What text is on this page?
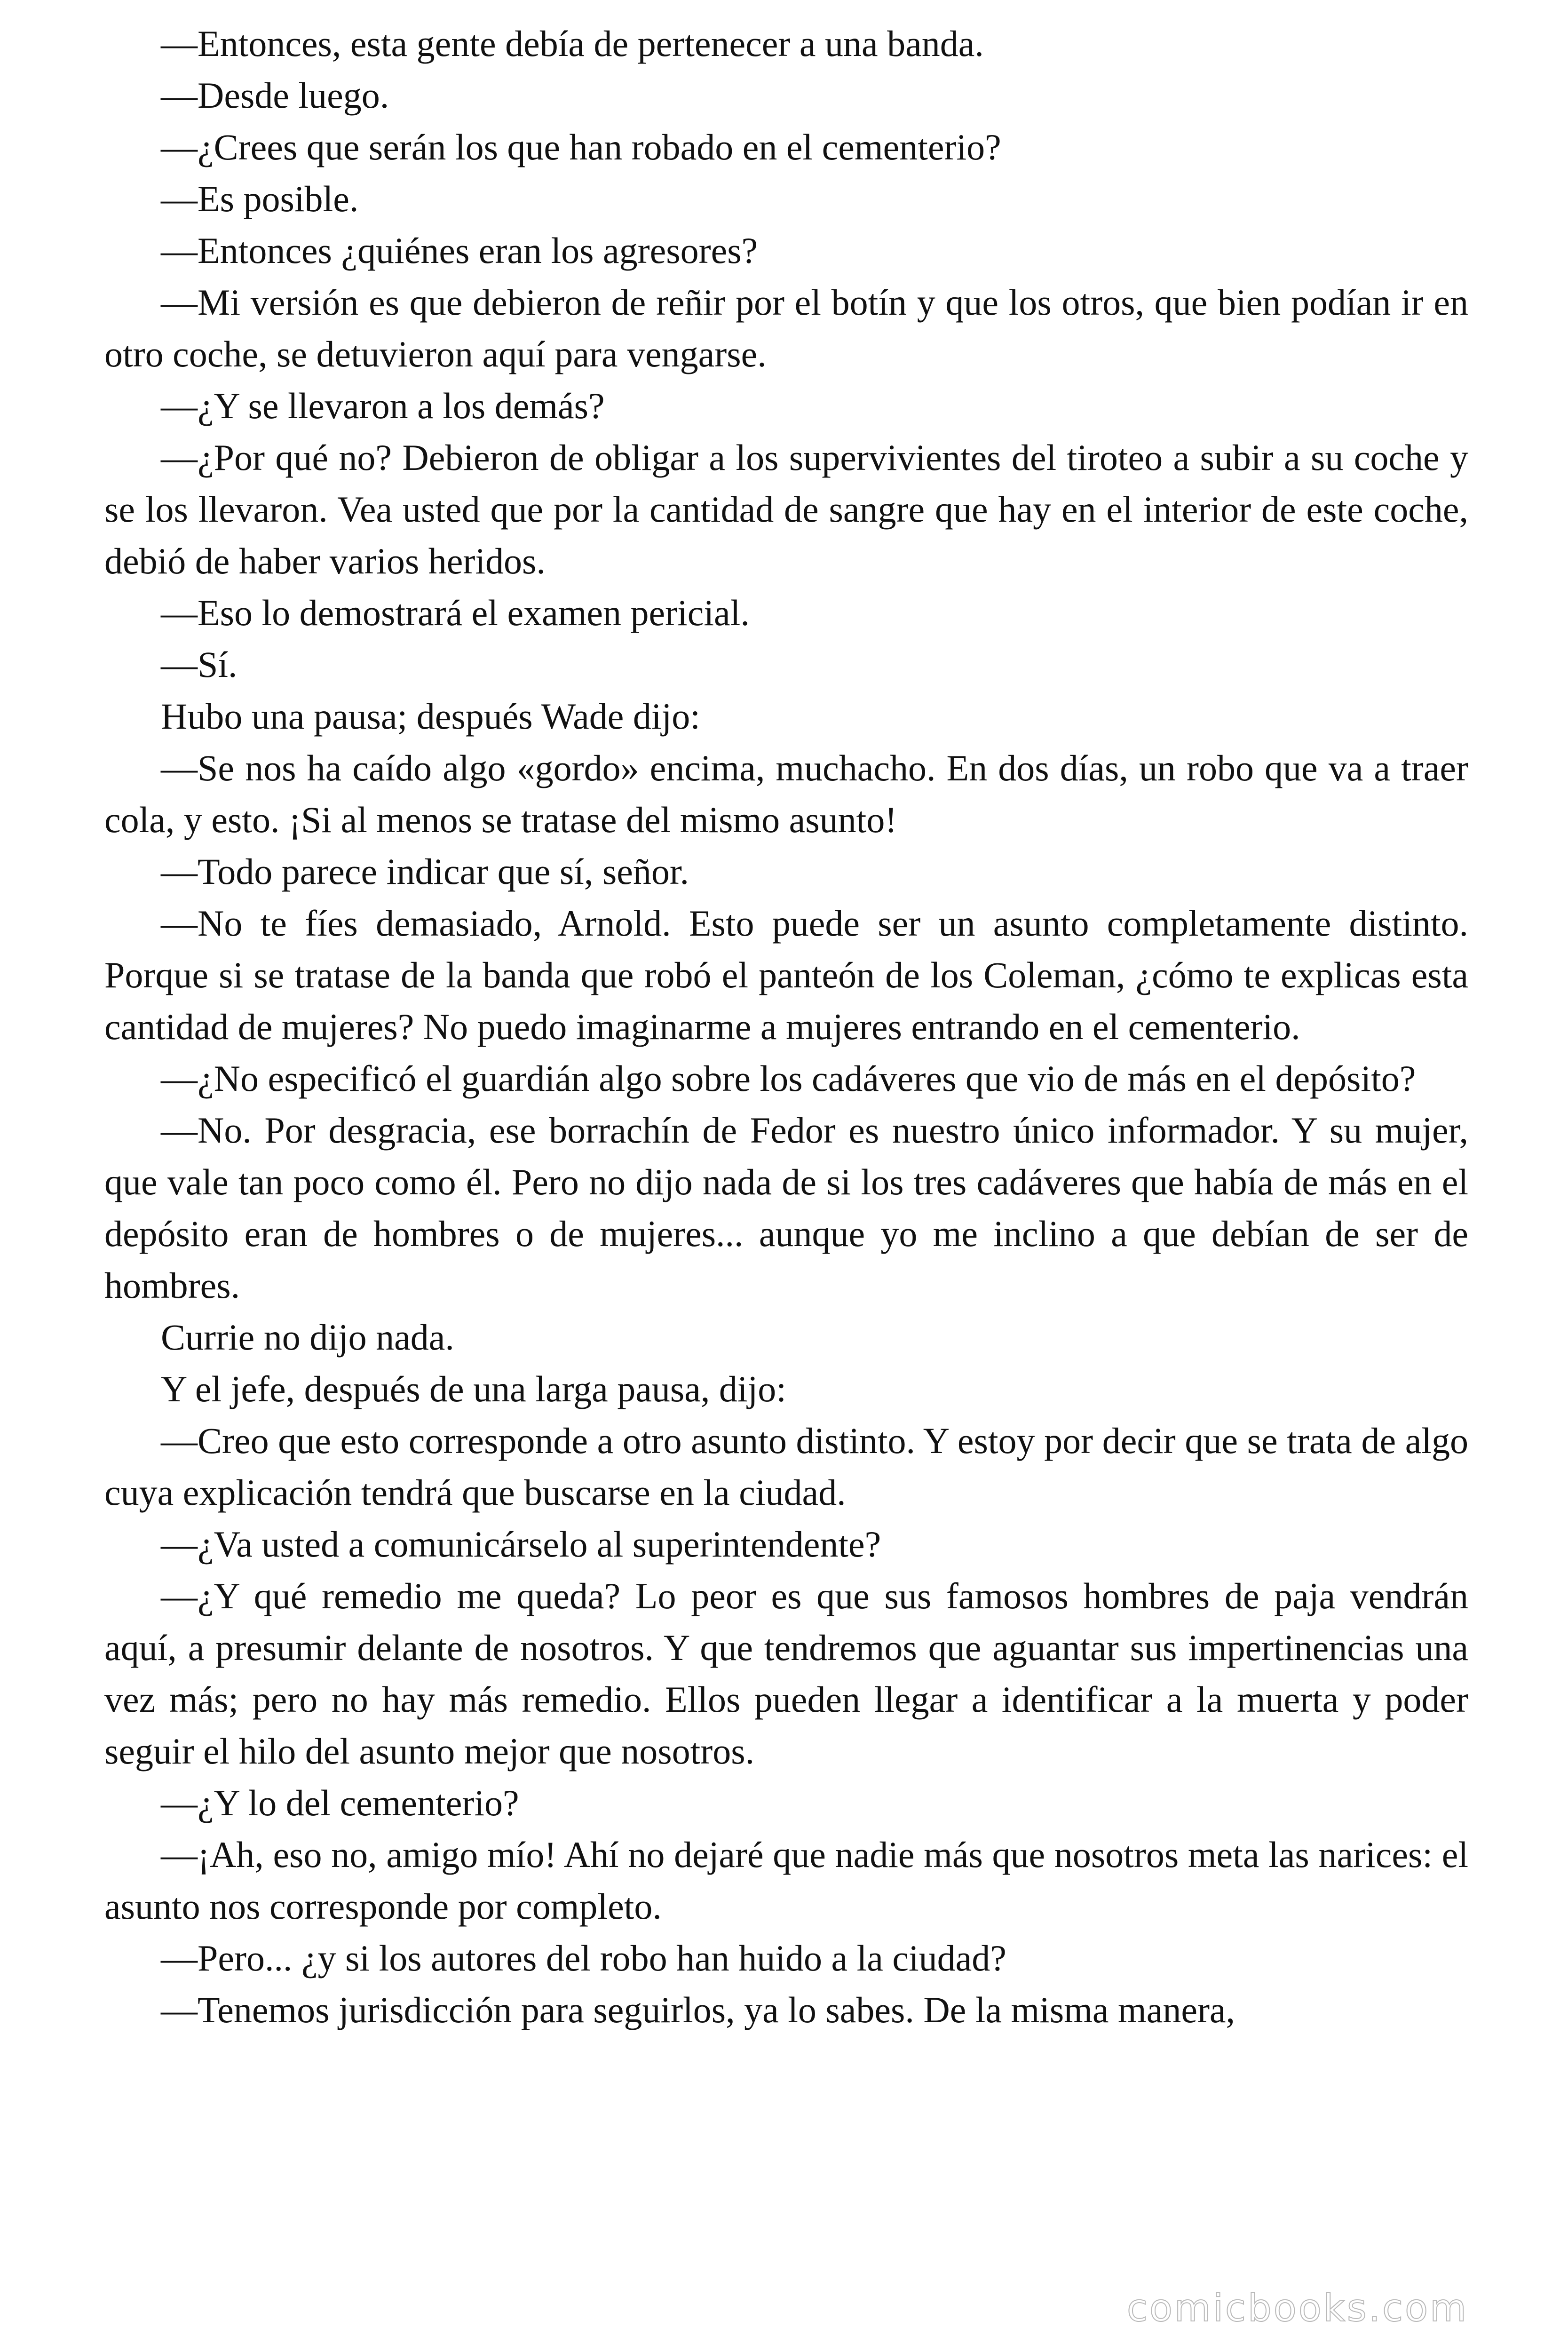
—Entonces, esta gente debía de pertenecer a una banda.

—Desde luego.

—¿Crees que serán los que han robado en el cementerio?

—Es posible.

—Entonces ¿quiénes eran los agresores?

—Mi versión es que debieron de reñir por el botín y que los otros, que bien podían ir en otro coche, se detuvieron aquí para vengarse.

—¿Y se llevaron a los demás?

—¿Por qué no? Debieron de obligar a los supervivientes del tiroteo a subir a su coche y se los llevaron. Vea usted que por la cantidad de sangre que hay en el interior de este coche, debió de haber varios heridos.

—Eso lo demostrará el examen pericial.

—Sí.

Hubo una pausa; después Wade dijo:

—Se nos ha caído algo «gordo» encima, muchacho. En dos días, un robo que va a traer cola, y esto. ¡Si al menos se tratase del mismo asunto!

—Todo parece indicar que sí, señor.

—No te fíes demasiado, Arnold. Esto puede ser un asunto completamente distinto. Porque si se tratase de la banda que robó el panteón de los Coleman, ¿cómo te explicas esta cantidad de mujeres? No puedo imaginarme a mujeres entrando en el cementerio.

—¿No especificó el guardián algo sobre los cadáveres que vio de más en el depósito?

—No. Por desgracia, ese borrachín de Fedor es nuestro único informador. Y su mujer, que vale tan poco como él. Pero no dijo nada de si los tres cadáveres que había de más en el depósito eran de hombres o de mujeres... aunque yo me inclino a que debían de ser de hombres.

Currie no dijo nada.

Y el jefe, después de una larga pausa, dijo:

—Creo que esto corresponde a otro asunto distinto. Y estoy por decir que se trata de algo cuya explicación tendrá que buscarse en la ciudad.

—¿Va usted a comunicárselo al superintendente?

—¿Y qué remedio me queda? Lo peor es que sus famosos hombres de paja vendrán aquí, a presumir delante de nosotros. Y que tendremos que aguantar sus impertinencias una vez más; pero no hay más remedio. Ellos pueden llegar a identificar a la muerta y poder seguir el hilo del asunto mejor que nosotros.

—¿Y lo del cementerio?

—¡Ah, eso no, amigo mío! Ahí no dejaré que nadie más que nosotros meta las narices: el asunto nos corresponde por completo.

—Pero... ¿y si los autores del robo han huido a la ciudad?

—Tenemos jurisdicción para seguirlos, ya lo sabes. De la misma manera,

comicbooks.com
